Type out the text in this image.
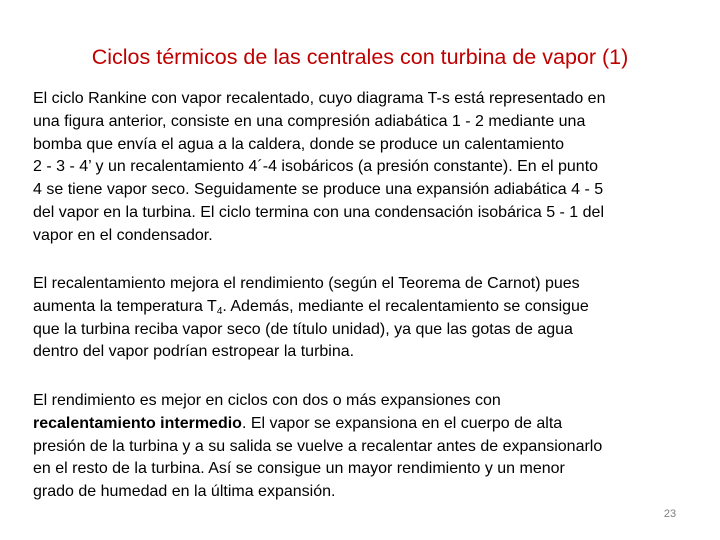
Ciclos térmicos de las centrales con turbina de vapor (1)

El ciclo Rankine con vapor recalentado, cuyo diagrama T-s está representado en
una figura anterior, consiste en una compresión adiabática 1 ‐ 2 mediante una
bomba que envía el agua a la caldera, donde se produce un calentamiento
2 ‐ 3 ‐ 4’ y un recalentamiento 4´-4 isobáricos (a presión constante). En el punto
4 se tiene vapor seco. Seguidamente se produce una expansión adiabática 4 ‐ 5
del vapor en la turbina. El ciclo termina con una condensación isobárica 5 ‐ 1 del
vapor en el condensador.

El recalentamiento mejora el rendimiento (según el Teorema de Carnot) pues
aumenta la temperatura $T_4$. Además, mediante el recalentamiento se consigue
que la turbina reciba vapor seco (de título unidad), ya que las gotas de agua
dentro del vapor podrían estropear la turbina.

El rendimiento es mejor en ciclos con dos o más expansiones con
recalentamiento intermedio. El vapor se expansiona en el cuerpo de alta
presión de la turbina y a su salida se vuelve a recalentar antes de expansionarlo
en el resto de la turbina. Así se consigue un mayor rendimiento y un menor
grado de humedad en la última expansión.

23
